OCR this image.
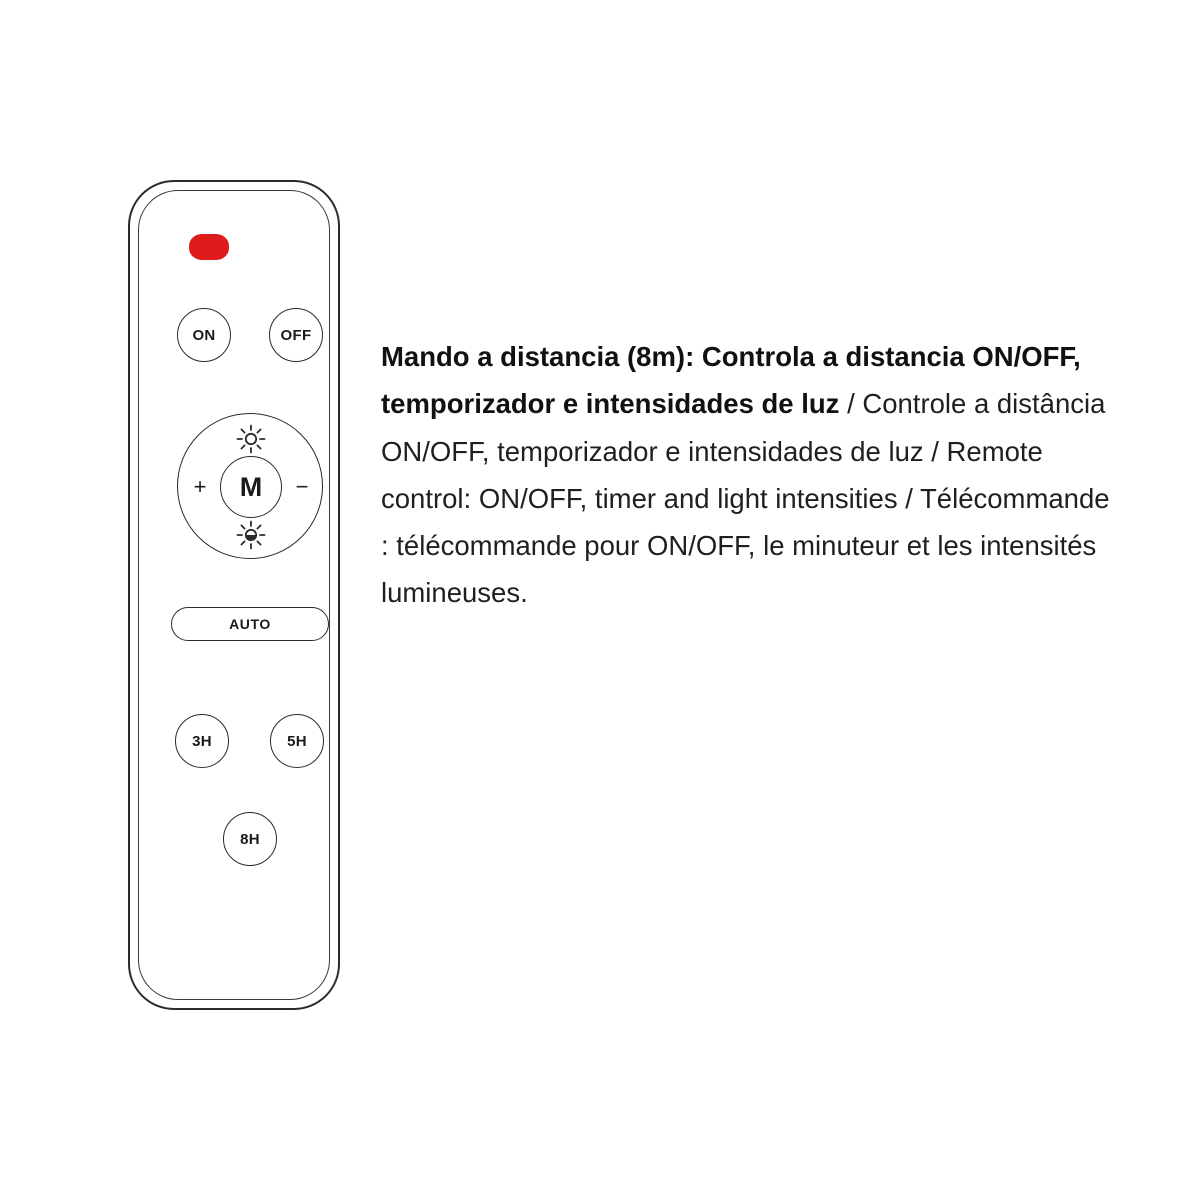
ON	OFF
+	−
M
AUTO
3H	5H
8H
Mando a distancia (8m): Controla a distancia ON/OFF, temporizador e intensidades de luz / Controle a distância ON/OFF, temporizador e intensidades de luz / Remote control: ON/OFF, timer and light intensities / Télécommande : télécommande pour ON/OFF, le minuteur et les intensités lumineuses.
